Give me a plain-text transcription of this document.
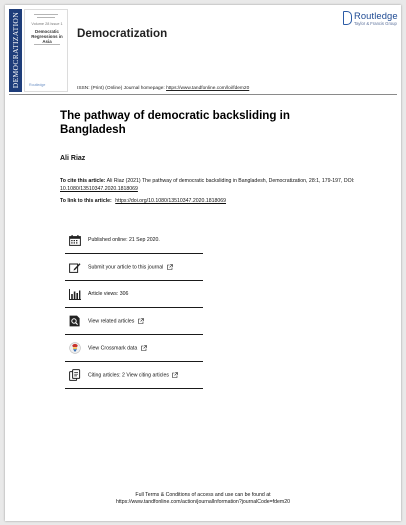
DEMOCRATIZATION	Volume 28 Issue 1
Democratic Regressions in Asia
Routledge
Democratization
Routledge
Taylor & Francis Group
ISSN: (Print) (Online) Journal homepage: https://www.tandfonline.com/loi/fdem20
The pathway of democratic backsliding in Bangladesh
Ali Riaz
To cite this article: Ali Riaz (2021) The pathway of democratic backsliding in Bangladesh, Democratization, 28:1, 179-197, DOI: 10.1080/13510347.2020.1818069
To link to this article: https://doi.org/10.1080/13510347.2020.1818069
Published online: 21 Sep 2020.
Submit your article to this journal
Article views: 306
View related articles
View Crossmark data
Citing articles: 2 View citing articles
Full Terms & Conditions of access and use can be found at
https://www.tandfonline.com/action/journalInformation?journalCode=fdem20
